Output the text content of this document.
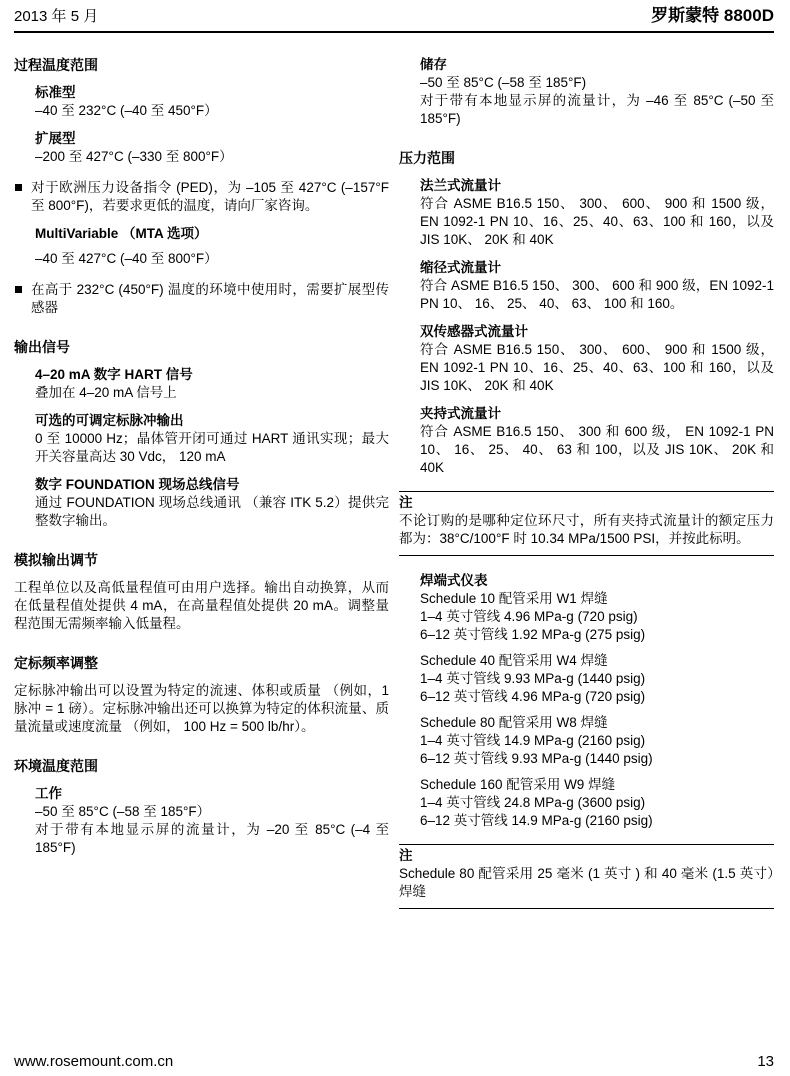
2013 年 5 月	罗斯蒙特 8800D
过程温度范围
标准型
–40 至 232°C (–40 至 450°F）
扩展型
–200 至 427°C (–330 至 800°F）
对于欧洲压力设备指令 (PED)，为 –105 至 427°C (–157°F 至 800°F)，若要求更低的温度，请向厂家咨询。
MultiVariable （MTA 选项）
–40 至 427°C (–40 至 800°F）
在高于 232°C (450°F) 温度的环境中使用时，需要扩展型传感器
输出信号
4–20 mA 数字 HART 信号
叠加在 4–20 mA 信号上
可选的可调定标脉冲输出
0 至 10000 Hz；晶体管开闭可通过 HART 通讯实现；最大开关容量高达 30 Vdc， 120 mA
数字 FOUNDATION 现场总线信号
通过 FOUNDATION 现场总线通讯 （兼容 ITK 5.2）提供完整数字输出。
模拟输出调节
工程单位以及高低量程值可由用户选择。输出自动换算，从而在低量程值处提供 4 mA，在高量程值处提供 20 mA。调整量程范围无需频率输入低量程。
定标频率调整
定标脉冲输出可以设置为特定的流速、体积或质量 （例如，1 脉冲 = 1 磅）。定标脉冲输出还可以换算为特定的体积流量、质量流量或速度流量 （例如， 100 Hz = 500 lb/hr）。
环境温度范围
工作
–50 至 85°C (–58 至 185°F）
对于带有本地显示屏的流量计，为 –20 至 85°C (–4 至 185°F)
储存
–50 至 85°C (–58 至 185°F)
对于带有本地显示屏的流量计，为 –46 至 85°C (–50 至 185°F)
压力范围
法兰式流量计
符合 ASME B16.5 150、 300、 600、 900 和 1500 级，EN 1092-1 PN 10、16、25、40、63、100 和 160，以及 JIS 10K、 20K 和 40K
缩径式流量计
符合 ASME B16.5 150、 300、 600 和 900 级，EN 1092-1 PN 10、 16、 25、 40、 63、 100 和 160。
双传感器式流量计
符合 ASME B16.5 150、 300、 600、 900 和 1500 级，EN 1092-1 PN 10、16、25、40、63、100 和 160，以及 JIS 10K、 20K 和 40K
夹持式流量计
符合 ASME B16.5 150、 300 和 600 级， EN 1092-1 PN 10、 16、 25、 40、 63 和 100，以及 JIS 10K、 20K 和 40K
注
不论订购的是哪种定位环尺寸，所有夹持式流量计的额定压力都为：38°C/100°F 时 10.34 MPa/1500 PSI，并按此标明。
焊端式仪表
Schedule 10 配管采用 W1 焊缝
1–4 英寸管线 4.96 MPa-g (720 psig)
6–12 英寸管线 1.92 MPa-g (275 psig)
Schedule 40 配管采用 W4 焊缝
1–4 英寸管线 9.93 MPa-g (1440 psig)
6–12 英寸管线 4.96 MPa-g (720 psig)
Schedule 80 配管采用 W8 焊缝
1–4 英寸管线 14.9 MPa-g (2160 psig)
6–12 英寸管线 9.93 MPa-g (1440 psig)
Schedule 160 配管采用 W9 焊缝
1–4 英寸管线 24.8 MPa-g (3600 psig)
6–12 英寸管线 14.9 MPa-g (2160 psig)
注
Schedule 80 配管采用 25 毫米 (1 英寸 ) 和 40 毫米 (1.5 英寸）焊缝
www.rosemount.com.cn	13
